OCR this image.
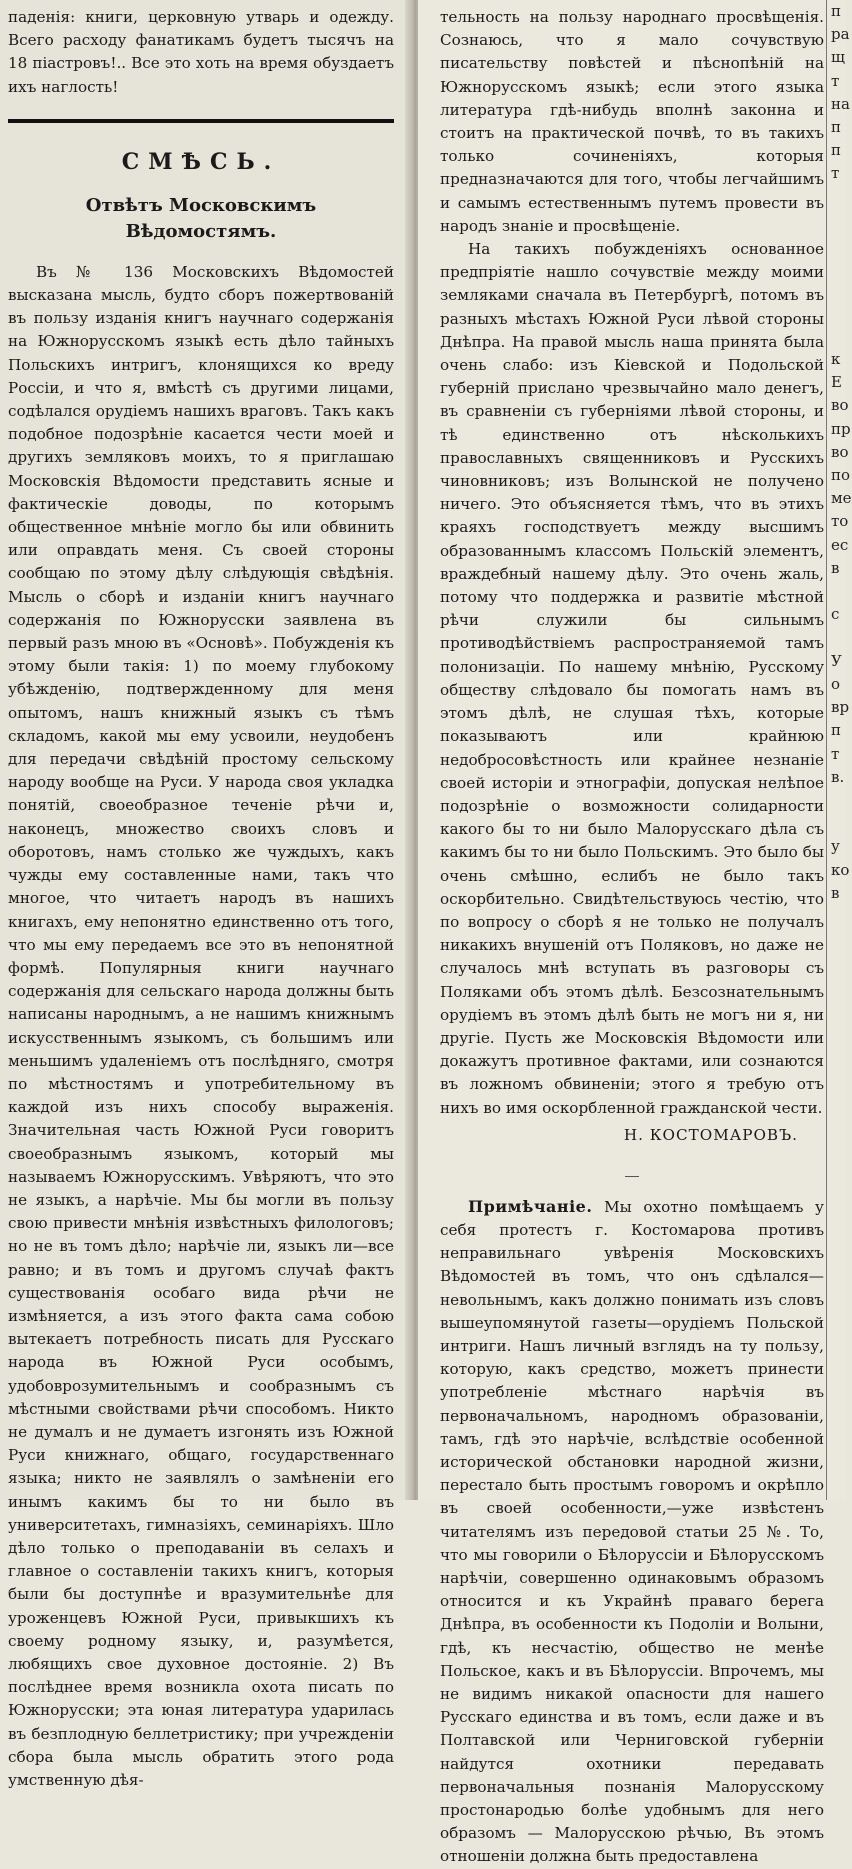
паденія: книги, церковную утварь и одежду. Всего расходу фанатикамъ будетъ тысячъ на 18 піастровъ!.. Все это хоть на время обуздаетъ ихъ наглость!

СМѢСЬ.
Отвѣтъ Московскимъ Вѣдомостямъ.

Въ № 136 Московскихъ Вѣдомостей высказана мысль, будто сборъ пожертвованій въ пользу изданія книгъ научнаго содержанія на Южнорусскомъ языкѣ есть дѣло тайныхъ Польскихъ интригъ, клонящихся ко вреду Россіи, и что я, вмѣстѣ съ другими лицами, содѣлался орудіемъ нашихъ враговъ. Такъ какъ подобное подозрѣніе касается чести моей и другихъ земляковъ моихъ, то я приглашаю Московскія Вѣдомости представить ясные и фактическіе доводы, по которымъ общественное мнѣніе могло бы или обвинить или оправдать меня. Съ своей стороны сообщаю по этому дѣлу слѣдующія свѣдѣнія. Мысль о сборѣ и изданіи книгъ научнаго содержанія по Южнорусски заявлена въ первый разъ мною въ «Основѣ». Побужденія къ этому были такія: 1) по моему глубокому убѣжденію, подтвержденному для меня опытомъ, нашъ книжный языкъ съ тѣмъ складомъ, какой мы ему усвоили, неудобенъ для передачи свѣдѣній простому сельскому народу вообще на Руси. У народа своя укладка понятій, своеобразное теченіе рѣчи и, наконецъ, множество своихъ словъ и оборотовъ, намъ столько же чуждыхъ, какъ чужды ему составленные нами, такъ что многое, что читаетъ народъ въ нашихъ книгахъ, ему непонятно единственно отъ того, что мы ему передаемъ все это въ непонятной формѣ. Популярныя книги научнаго содержанія для сельскаго народа должны быть написаны народнымъ, а не нашимъ книжнымъ искусственнымъ языкомъ, съ большимъ или меньшимъ удаленіемъ отъ послѣдняго, смотря по мѣстностямъ и употребительному въ каждой изъ нихъ способу выраженія. Значительная часть Южной Руси говоритъ своеобразнымъ языкомъ, который мы называемъ Южнорусскимъ. Увѣряютъ, что это не языкъ, а нарѣчіе. Мы бы могли въ пользу свою привести мнѣнія извѣстныхъ филологовъ; но не въ томъ дѣло; нарѣчіе ли, языкъ ли—все равно; и въ томъ и другомъ случаѣ фактъ существованія особаго вида рѣчи не измѣняется, а изъ этого факта сама собою вытекаетъ потребность писать для Русскаго народа въ Южной Руси особымъ, удобоврозумительнымъ и сообразнымъ съ мѣстными свойствами рѣчи способомъ. Никто не думалъ и не думаетъ изгонять изъ Южной Руси книжнаго, общаго, государственнаго языка; никто не заявлялъ о замѣненіи его инымъ какимъ бы то ни было въ университетахъ, гимназіяхъ, семинаріяхъ. Шло дѣло только о преподаваніи въ селахъ и главное о составленіи такихъ книгъ, которыя были бы доступнѣе и вразумительнѣе для уроженцевъ Южной Руси, привыкшихъ къ своему родному языку, и, разумѣется, любящихъ свое духовное достояніе. 2) Въ послѣднее время возникла охота писать по Южнорусски; эта юная литература ударилась въ безплодную беллетристику; при учрежденіи сбора была мысль обратить этого рода умственную дѣя-

тельность на пользу народнаго просвѣщенія. Сознаюсь, что я мало сочувствую писательству повѣстей и пѣснопѣній на Южнорусскомъ языкѣ; если этого языка литература гдѣ-нибудь вполнѣ законна и стоитъ на практической почвѣ, то въ такихъ только сочиненіяхъ, которыя предназначаются для того, чтобы легчайшимъ и самымъ естественнымъ путемъ провести въ народъ знаніе и просвѣщеніе.

На такихъ побужденіяхъ основанное предпріятіе нашло сочувствіе между моими земляками сначала въ Петербургѣ, потомъ въ разныхъ мѣстахъ Южной Руси лѣвой стороны Днѣпра. На правой мысль наша принята была очень слабо: изъ Кіевской и Подольской губерній прислано чрезвычайно мало денегъ, въ сравненіи съ губерніями лѣвой стороны, и тѣ единственно отъ нѣсколькихъ православныхъ священниковъ и Русскихъ чиновниковъ; изъ Волынской не получено ничего. Это объясняется тѣмъ, что въ этихъ краяхъ господствуетъ между высшимъ образованнымъ классомъ Польскій элементъ, враждебный нашему дѣлу. Это очень жаль, потому что поддержка и развитіе мѣстной рѣчи служили бы сильнымъ противодѣйствіемъ распространяемой тамъ полонизаціи. По нашему мнѣнію, Русскому обществу слѣдовало бы помогать намъ въ этомъ дѣлѣ, не слушая тѣхъ, которые показываютъ или крайнюю недобросовѣстность или крайнее незнаніе своей исторіи и этнографіи, допуская нелѣпое подозрѣніе о возможности солидарности какого бы то ни было Малорусскаго дѣла съ какимъ бы то ни было Польскимъ. Это было бы очень смѣшно, еслибъ не было такъ оскорбительно. Свидѣтельствуюсь честію, что по вопросу о сборѣ я не только не получалъ никакихъ внушеній отъ Поляковъ, но даже не случалось мнѣ вступать въ разговоры съ Поляками объ этомъ дѣлѣ. Безсознательнымъ орудіемъ въ этомъ дѣлѣ быть не могъ ни я, ни другіе. Пусть же Московскія Вѣдомости или докажутъ противное фактами, или сознаются въ ложномъ обвиненіи; этого я требую отъ нихъ во имя оскорбленной гражданской чести.

Н. КОСТОМАРОВЪ.

Примѣчаніе. Мы охотно помѣщаемъ у себя протестъ г. Костомарова противъ неправильнаго увѣренія Московскихъ Вѣдомостей въ томъ, что онъ сдѣлался—невольнымъ, какъ должно понимать изъ словъ вышеупомянутой газеты—орудіемъ Польской интриги. Нашъ личный взглядъ на ту пользу, которую, какъ средство, можетъ принести употребленіе мѣстнаго нарѣчія въ первоначальномъ, народномъ образованіи, тамъ, гдѣ это нарѣчіе, вслѣдствіе особенной исторической обстановки народной жизни, перестало быть простымъ говоромъ и окрѣпло въ своей особенности,—уже извѣстенъ читателямъ изъ передовой статьи 25 №. То, что мы говорили о Бѣлоруссіи и Бѣлорусскомъ нарѣчіи, совершенно одинаковымъ образомъ относится и къ Украйнѣ праваго берега Днѣпра, въ особенности къ Подоліи и Волыни, гдѣ, къ несчастію, общество не менѣе Польское, какъ и въ Бѣлоруссіи. Впрочемъ, мы не видимъ никакой опасности для нашего Русскаго единства и въ томъ, если даже и въ Полтавской или Черниговской губерніи найдутся охотники передавать первоначальныя познанія Малорусскому простонародью болѣе удобнымъ для него образомъ — Малорусскою рѣчью, Въ этомъ отношеніи должна быть предоставлена

п
ра
щ
т
на
п
п
т

к
Е
во
пр
во
по
ме
то
ес
в

с

У
о
вр
п
т
в.

у
ко
в
